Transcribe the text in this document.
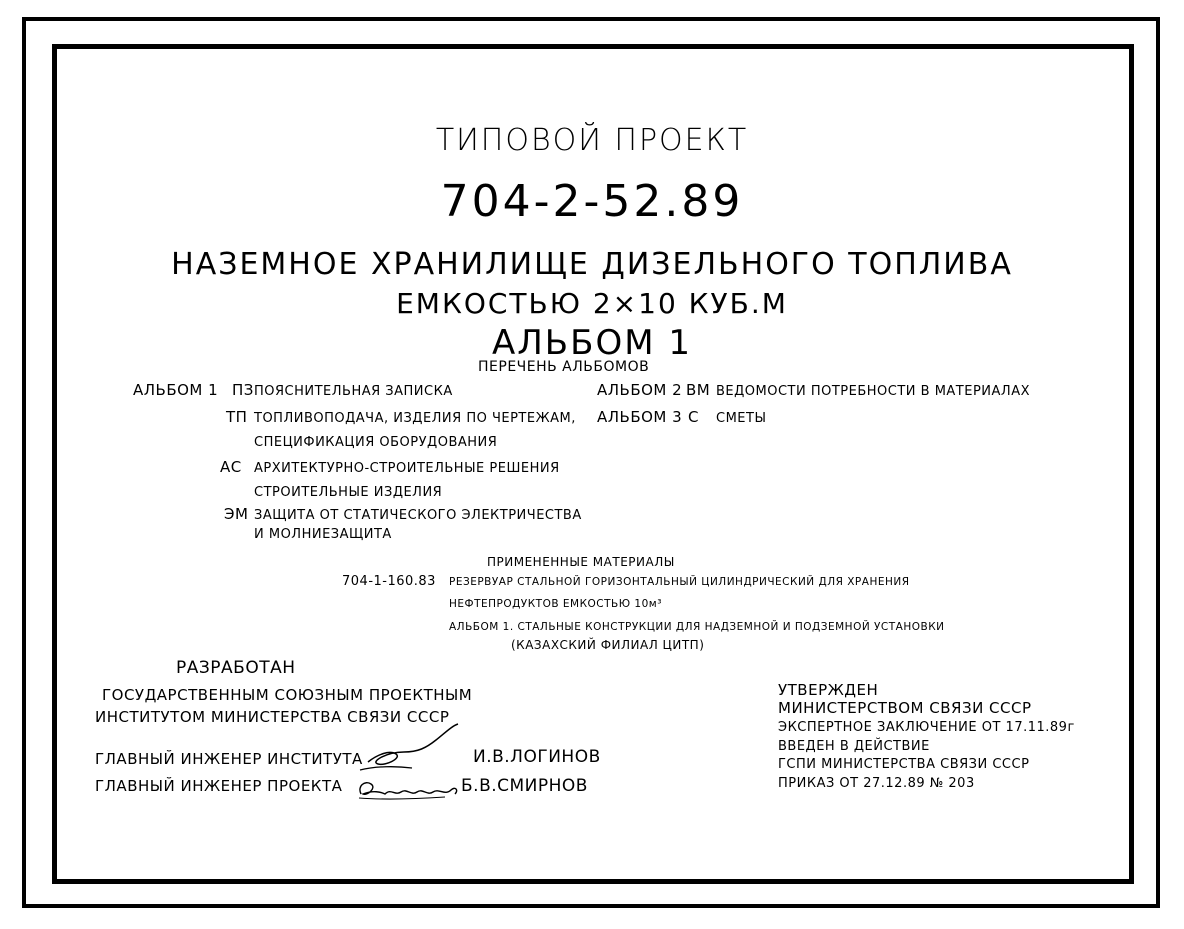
ТИПОВОЙ ПРОЕКТ
704-2-52.89
НАЗЕМНОЕ ХРАНИЛИЩЕ ДИЗЕЛЬНОГО ТОПЛИВА
ЕМКОСТЬЮ 2×10 КУБ.М
АЛЬБОМ 1
ПЕРЕЧЕНЬ АЛЬБОМОВ
АЛЬБОМ 1 ПЗ ПОЯСНИТЕЛЬНАЯ ЗАПИСКА
ТП ТОПЛИВОПОДАЧА, ИЗДЕЛИЯ ПО ЧЕРТЕЖАМ,
СПЕЦИФИКАЦИЯ ОБОРУДОВАНИЯ
АС АРХИТЕКТУРНО-СТРОИТЕЛЬНЫЕ РЕШЕНИЯ
СТРОИТЕЛЬНЫЕ ИЗДЕЛИЯ
ЭМ ЗАЩИТА ОТ СТАТИЧЕСКОГО ЭЛЕКТРИЧЕСТВА
И МОЛНИЕЗАЩИТА
АЛЬБОМ 2 ВМ ВЕДОМОСТИ ПОТРЕБНОСТИ В МАТЕРИАЛАХ
АЛЬБОМ 3 С СМЕТЫ
ПРИМЕНЕННЫЕ МАТЕРИАЛЫ
704-1-160.83 РЕЗЕРВУАР СТАЛЬНОЙ ГОРИЗОНТАЛЬНЫЙ ЦИЛИНДРИЧЕСКИЙ ДЛЯ ХРАНЕНИЯ
НЕФТЕПРОДУКТОВ ЕМКОСТЬЮ 10м³
АЛЬБОМ 1. СТАЛЬНЫЕ КОНСТРУКЦИИ ДЛЯ НАДЗЕМНОЙ И ПОДЗЕМНОЙ УСТАНОВКИ
(КАЗАХСКИЙ ФИЛИАЛ ЦИТП)
РАЗРАБОТАН
ГОСУДАРСТВЕННЫМ СОЮЗНЫМ ПРОЕКТНЫМ
ИНСТИТУТОМ МИНИСТЕРСТВА СВЯЗИ СССР
ГЛАВНЫЙ ИНЖЕНЕР ИНСТИТУТА	И.В.ЛОГИНОВ
ГЛАВНЫЙ ИНЖЕНЕР ПРОЕКТА	Б.В.СМИРНОВ
УТВЕРЖДЕН
МИНИСТЕРСТВОМ СВЯЗИ СССР
ЭКСПЕРТНОЕ ЗАКЛЮЧЕНИЕ ОТ 17.11.89г
ВВЕДЕН В ДЕЙСТВИЕ
ГСПИ МИНИСТЕРСТВА СВЯЗИ СССР
ПРИКАЗ ОТ 27.12.89 № 203
